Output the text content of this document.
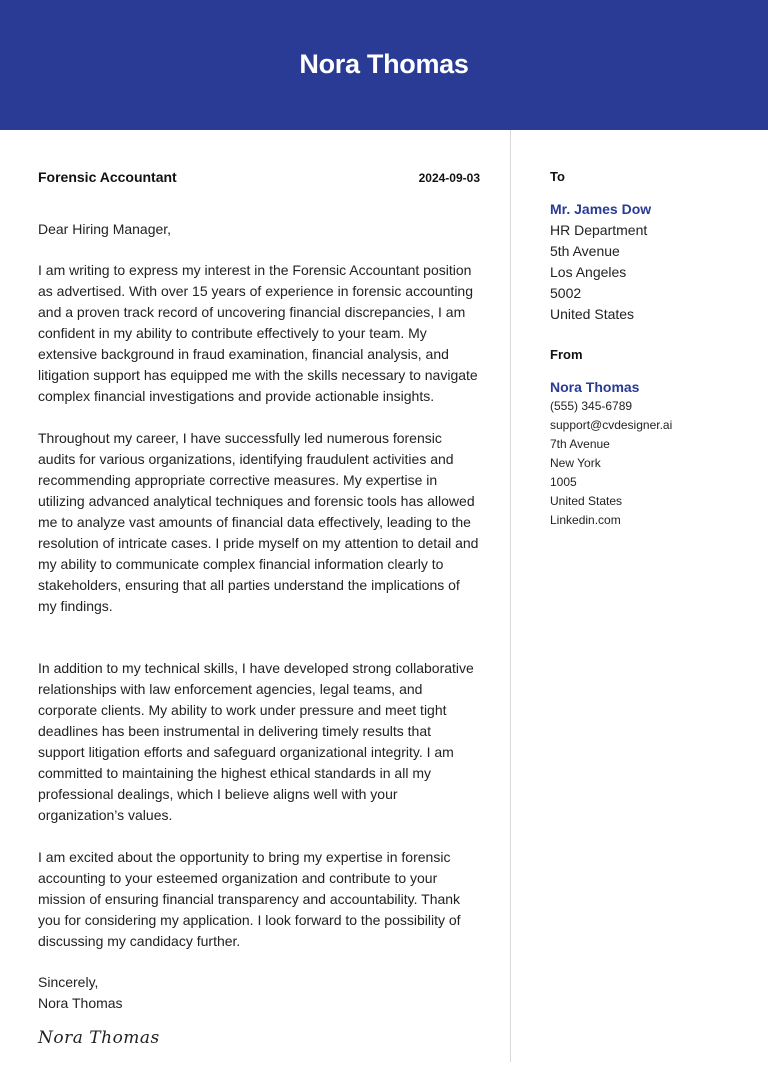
Nora Thomas
Forensic Accountant	2024-09-03

Dear Hiring Manager,

I am writing to express my interest in the Forensic Accountant position as advertised. With over 15 years of experience in forensic accounting and a proven track record of uncovering financial discrepancies, I am confident in my ability to contribute effectively to your team. My extensive background in fraud examination, financial analysis, and litigation support has equipped me with the skills necessary to navigate complex financial investigations and provide actionable insights.

Throughout my career, I have successfully led numerous forensic audits for various organizations, identifying fraudulent activities and recommending appropriate corrective measures. My expertise in utilizing advanced analytical techniques and forensic tools has allowed me to analyze vast amounts of financial data effectively, leading to the resolution of intricate cases. I pride myself on my attention to detail and my ability to communicate complex financial information clearly to stakeholders, ensuring that all parties understand the implications of my findings.

In addition to my technical skills, I have developed strong collaborative relationships with law enforcement agencies, legal teams, and corporate clients. My ability to work under pressure and meet tight deadlines has been instrumental in delivering timely results that support litigation efforts and safeguard organizational integrity. I am committed to maintaining the highest ethical standards in all my professional dealings, which I believe aligns well with your organization’s values.

I am excited about the opportunity to bring my expertise in forensic accounting to your esteemed organization and contribute to your mission of ensuring financial transparency and accountability. Thank you for considering my application. I look forward to the possibility of discussing my candidacy further.

Sincerely,

Nora Thomas

Nora Thomas
To
Mr. James Dow
HR Department
5th Avenue
Los Angeles
5002
United States
From
Nora Thomas
(555) 345-6789
support@cvdesigner.ai
7th Avenue
New York
1005
United States
Linkedin.com
